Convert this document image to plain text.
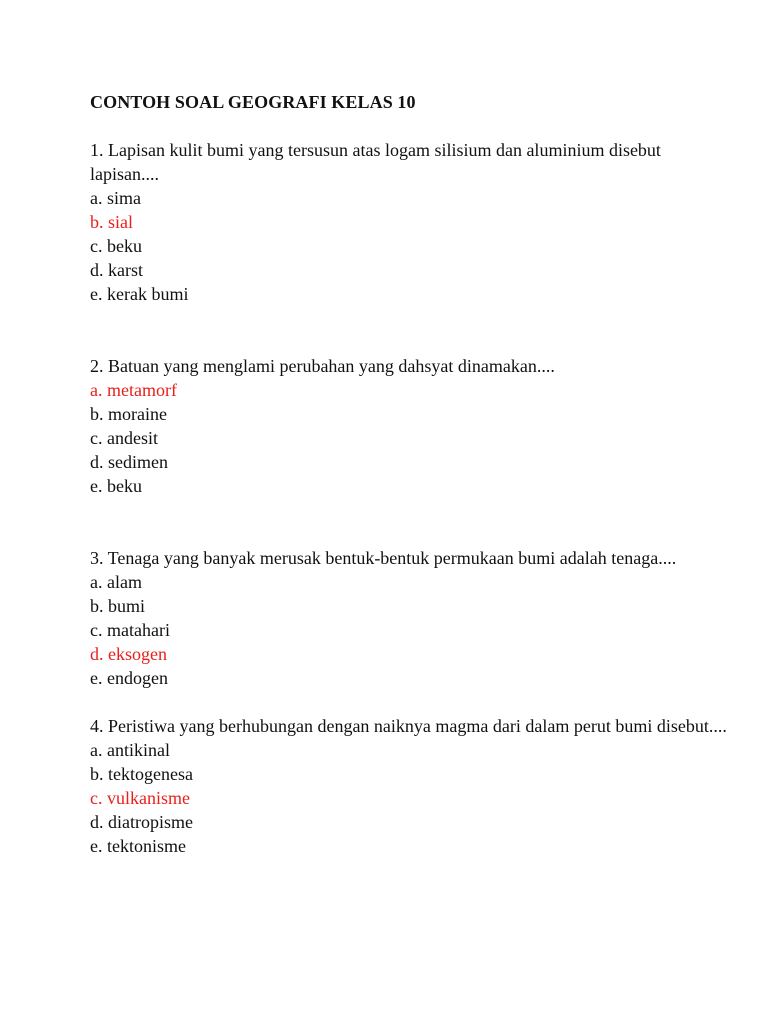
CONTOH SOAL GEOGRAFI KELAS 10

1. Lapisan kulit bumi yang tersusun atas logam silisium dan aluminium disebut lapisan....

a. sima
b. sial
c. beku
d. karst
e. kerak bumi

2. Batuan yang menglami perubahan yang dahsyat dinamakan....

a. metamorf
b. moraine
c. andesit
d. sedimen
e. beku

3. Tenaga yang banyak merusak bentuk-bentuk permukaan bumi adalah tenaga....

a. alam
b. bumi
c. matahari
d. eksogen
e. endogen

4. Peristiwa yang berhubungan dengan naiknya magma dari dalam perut bumi disebut....

a. antikinal
b. tektogenesa
c. vulkanisme
d. diatropisme
e. tektonisme
